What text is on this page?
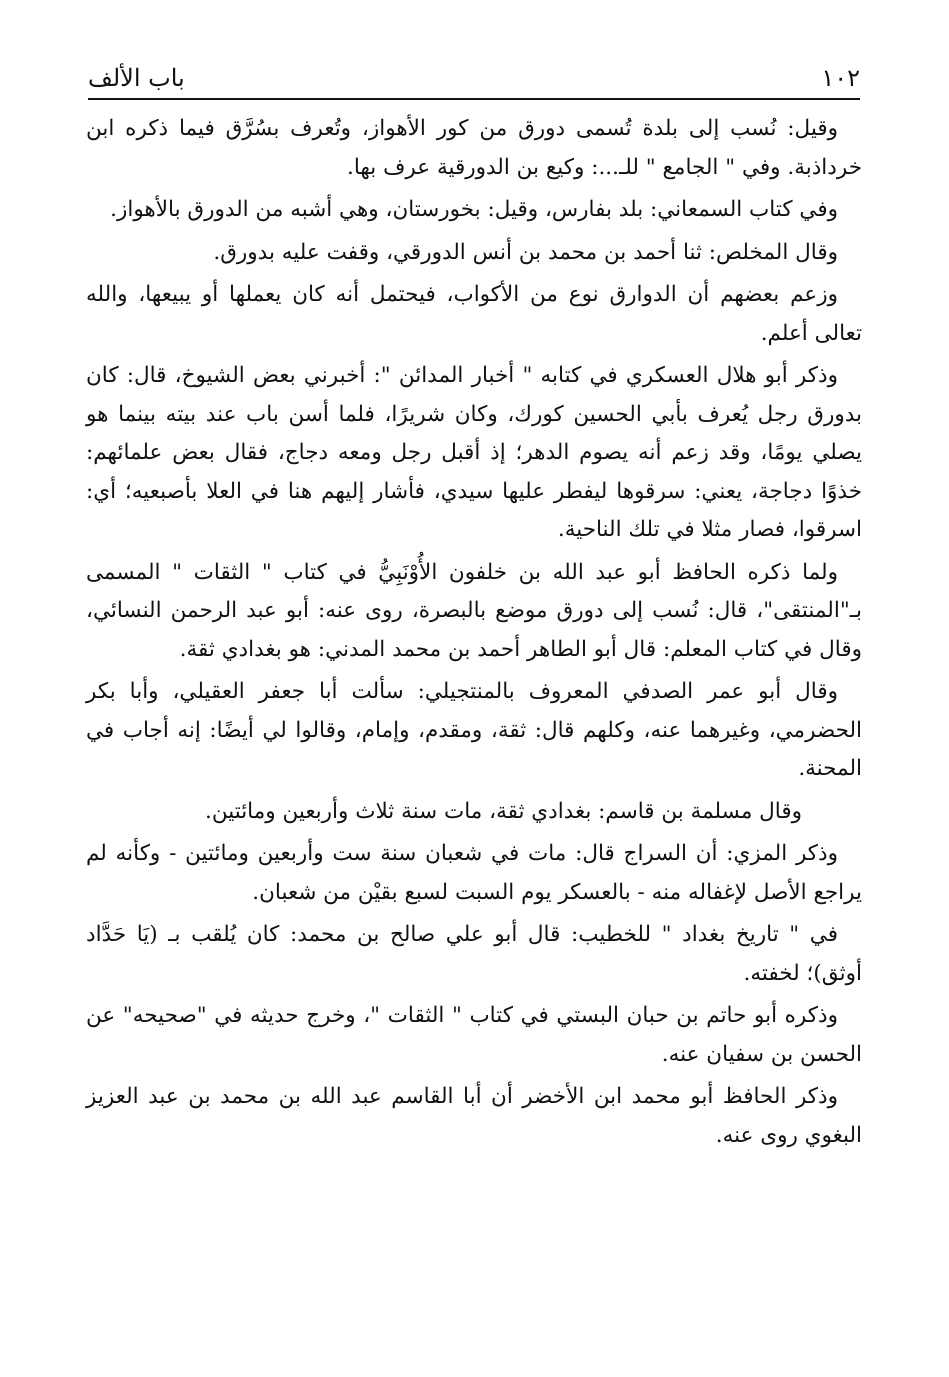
١٠٢
باب الألف

وقيل: نُسب إلى بلدة تُسمى دورق من كور الأهواز، وتُعرف بسُرَّق فيما ذكره ابن خرداذبة. وفي " الجامع " للـ...: وكيع بن الدورقية عرف بها.

وفي كتاب السمعاني: بلد بفارس، وقيل: بخورستان، وهي أشبه من الدورق بالأهواز.

وقال المخلص: ثنا أحمد بن محمد بن أنس الدورقي، وقفت عليه بدورق.

وزعم بعضهم أن الدوارق نوع من الأكواب، فيحتمل أنه كان يعملها أو يبيعها، والله تعالى أعلم.

وذكر أبو هلال العسكري في كتابه " أخبار المدائن ": أخبرني بعض الشيوخ، قال: كان بدورق رجل يُعرف بأبي الحسين كورك، وكان شريرًا، فلما أسن باب عند بيته بينما هو يصلي يومًا، وقد زعم أنه يصوم الدهر؛ إذ أقبل رجل ومعه دجاج، فقال بعض علمائهم: خذوًا دجاجة، يعني: سرقوها ليفطر عليها سيدي، فأشار إليهم هنا في العلا بأصبعيه؛ أي: اسرقوا، فصار مثلا في تلك الناحية.

ولما ذكره الحافظ أبو عبد الله بن خلفون الأُوْنَبِيُّ في كتاب " الثقات " المسمى بـ"المنتقى"، قال: نُسب إلى دورق موضع بالبصرة، روى عنه: أبو عبد الرحمن النسائي، وقال في كتاب المعلم: قال أبو الطاهر أحمد بن محمد المدني: هو بغدادي ثقة.

وقال أبو عمر الصدفي المعروف بالمنتجيلي: سألت أبا جعفر العقيلي، وأبا بكر الحضرمي، وغيرهما عنه، وكلهم قال: ثقة، ومقدم، وإمام، وقالوا لي أيضًا: إنه أجاب في المحنة.

وقال مسلمة بن قاسم: بغدادي ثقة، مات سنة ثلاث وأربعين ومائتين.

وذكر المزي: أن السراج قال: مات في شعبان سنة ست وأربعين ومائتين - وكأنه لم يراجع الأصل لإغفاله منه - بالعسكر يوم السبت لسبع بقيْن من شعبان.

في " تاريخ بغداد " للخطيب: قال أبو علي صالح بن محمد: كان يُلقب بـ (يَا حَدَّاد أوثق)؛ لخفته.

وذكره أبو حاتم بن حبان البستي في كتاب " الثقات "، وخرج حديثه في "صحيحه" عن الحسن بن سفيان عنه.

وذكر الحافظ أبو محمد ابن الأخضر أن أبا القاسم عبد الله بن محمد بن عبد العزيز البغوي روى عنه.
